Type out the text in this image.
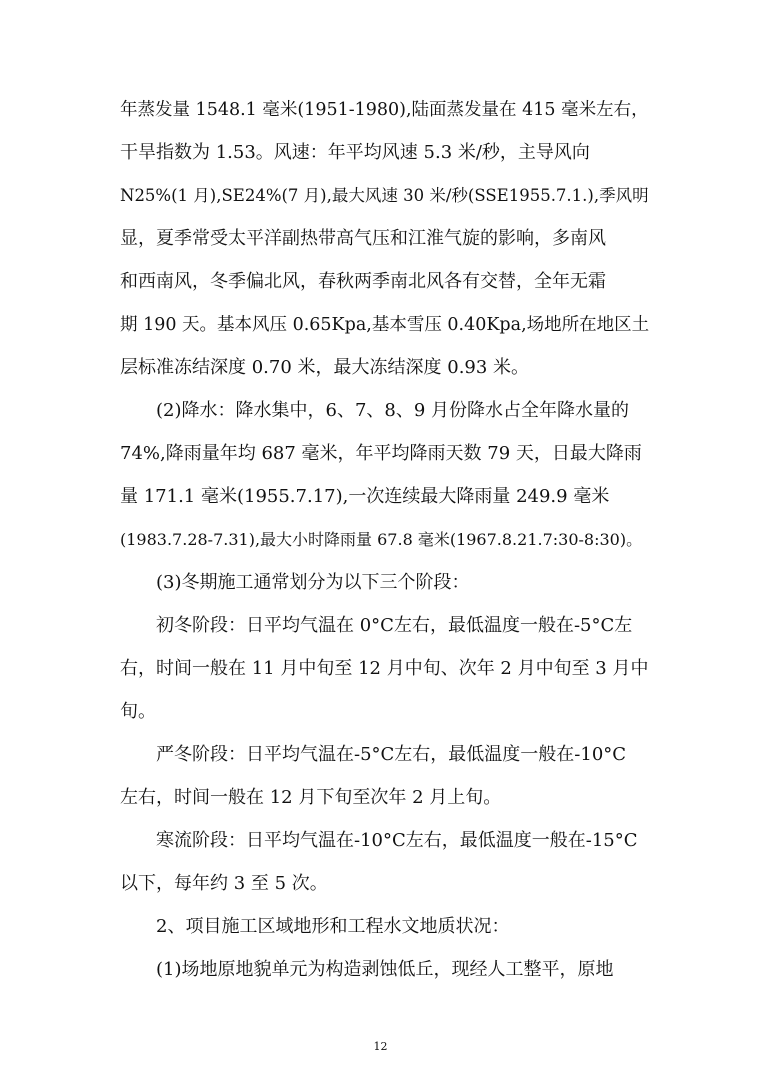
年蒸发量 1548.1 毫米(1951-1980),陆面蒸发量在 415 毫米左右，
干旱指数为 1.53。风速：年平均风速 5.3 米/秒，主导风向
N25%(1 月),SE24%(7 月),最大风速 30 米/秒(SSE1955.7.1.),季风明
显，夏季常受太平洋副热带高气压和江淮气旋的影响，多南风
和西南风，冬季偏北风，春秋两季南北风各有交替，全年无霜
期 190 天。基本风压 0.65Kpa,基本雪压 0.40Kpa,场地所在地区土
层标准冻结深度 0.70 米，最大冻结深度 0.93 米。
(2)降水：降水集中，6、7、8、9 月份降水占全年降水量的
74%,降雨量年均 687 毫米，年平均降雨天数 79 天，日最大降雨
量 171.1 毫米(1955.7.17),一次连续最大降雨量 249.9 毫米
(1983.7.28-7.31),最大小时降雨量 67.8 毫米(1967.8.21.7:30-8:30)。
(3)冬期施工通常划分为以下三个阶段：
初冬阶段：日平均气温在 0°C左右，最低温度一般在-5°C左
右，时间一般在 11 月中旬至 12 月中旬、次年 2 月中旬至 3 月中
旬。
严冬阶段：日平均气温在-5°C左右，最低温度一般在-10°C
左右，时间一般在 12 月下旬至次年 2 月上旬。
寒流阶段：日平均气温在-10°C左右，最低温度一般在-15°C
以下，每年约 3 至 5 次。
2、项目施工区域地形和工程水文地质状况：
(1)场地原地貌单元为构造剥蚀低丘，现经人工整平，原地
12
